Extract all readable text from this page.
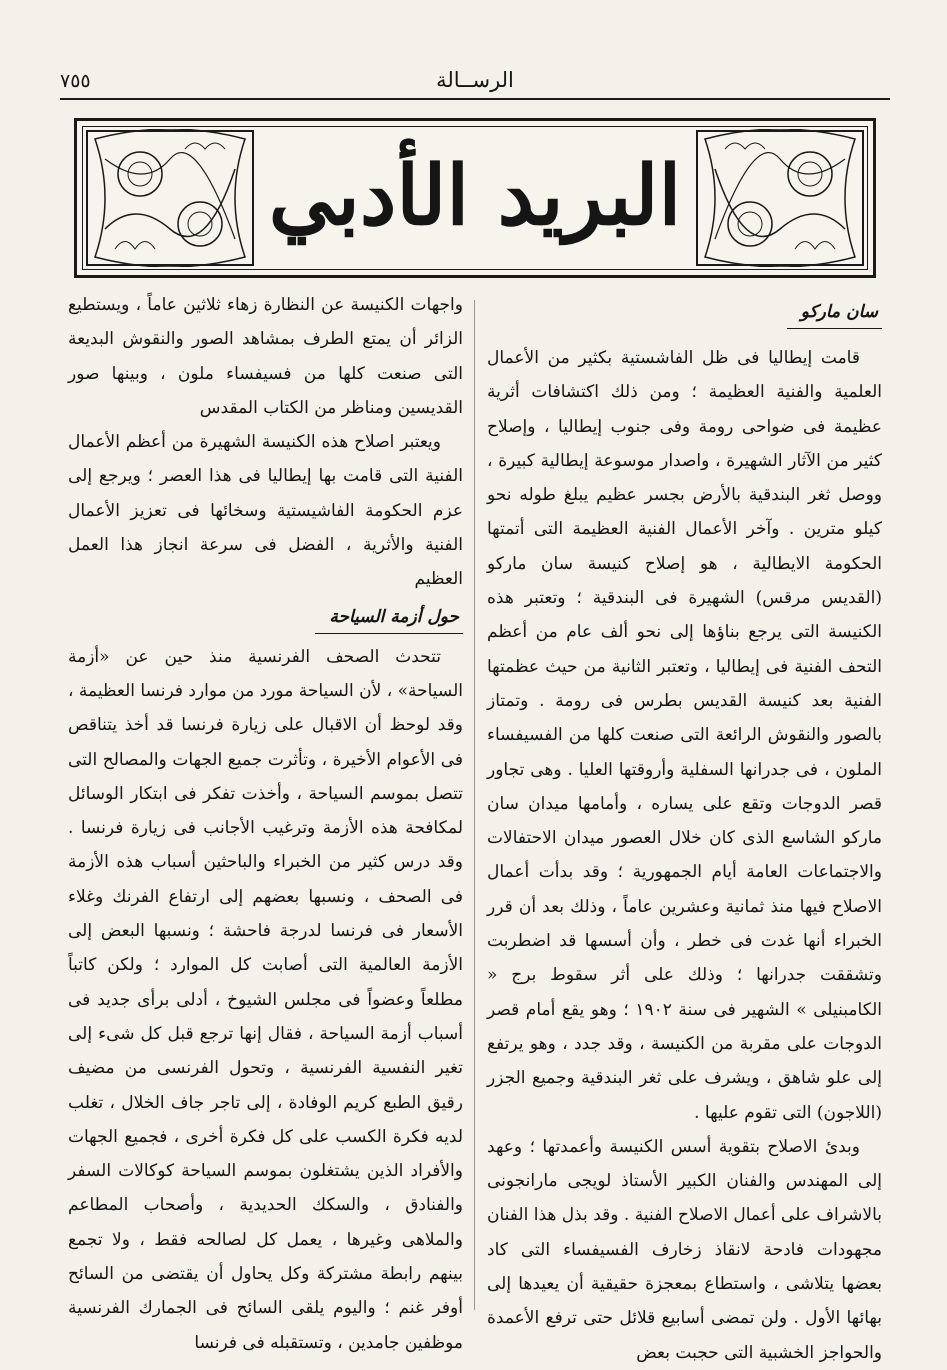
٧٥٥	الرســالة
البريد الأدبي
سان ماركو

قامت إيطاليا فى ظل الفاشستية بكثير من الأعمال العلمية والفنية العظيمة ؛ ومن ذلك اكتشافات أثرية عظيمة فى ضواحى رومة وفى جنوب إيطاليا ، وإصلاح كثير من الآثار الشهيرة ، واصدار موسوعة إيطالية كبيرة ، ووصل ثغر البندقية بالأرض بجسر عظيم يبلغ طوله نحو كيلو مترين . وآخر الأعمال الفنية العظيمة التى أتمتها الحكومة الايطالية ، هو إصلاح كنيسة سان ماركو (القديس مرقس) الشهيرة فى البندقية ؛ وتعتبر هذه الكنيسة التى يرجع بناؤها إلى نحو ألف عام من أعظم التحف الفنية فى إيطاليا ، وتعتبر الثانية من حيث عظمتها الفنية بعد كنيسة القديس بطرس فى رومة . وتمتاز بالصور والنقوش الرائعة التى صنعت كلها من الفسيفساء الملون ، فى جدرانها السفلية وأروقتها العليا . وهى تجاور قصر الدوجات وتقع على يساره ، وأمامها ميدان سان ماركو الشاسع الذى كان خلال العصور ميدان الاحتفالات والاجتماعات العامة أيام الجمهورية ؛ وقد بدأت أعمال الاصلاح فيها منذ ثمانية وعشرين عاماً ، وذلك بعد أن قرر الخبراء أنها غدت فى خطر ، وأن أسسها قد اضطربت وتشققت جدرانها ؛ وذلك على أثر سقوط برج « الكامبنيلى » الشهير فى سنة ١٩٠٢ ؛ وهو يقع أمام قصر الدوجات على مقربة من الكنيسة ، وقد جدد ، وهو يرتفع إلى علو شاهق ، ويشرف على ثغر البندقية وجميع الجزر (اللاجون) التى تقوم عليها .

وبدئ الاصلاح بتقوية أسس الكنيسة وأعمدتها ؛ وعهد إلى المهندس والفنان الكبير الأستاذ لويجى مارانجونى بالاشراف على أعمال الاصلاح الفنية . وقد بذل هذا الفنان مجهودات فادحة لانقاذ زخارف الفسيفساء التى كاد بعضها يتلاشى ، واستطاع بمعجزة حقيقية أن يعيدها إلى بهائها الأول . ولن تمضى أسابيع قلائل حتى ترفع الأعمدة والحواجز الخشبية التى حجبت بعض

واجهات الكنيسة عن النظارة زهاء ثلاثين عاماً ، ويستطيع الزائر أن يمتع الطرف بمشاهد الصور والنقوش البديعة التى صنعت كلها من فسيفساء ملون ، وبينها صور القديسين ومناظر من الكتاب المقدس

ويعتبر اصلاح هذه الكنيسة الشهيرة من أعظم الأعمال الفنية التى قامت بها إيطاليا فى هذا العصر ؛ ويرجع إلى عزم الحكومة الفاشيستية وسخائها فى تعزيز الأعمال الفنية والأثرية ، الفضل فى سرعة انجاز هذا العمل العظيم

حول أزمة السياحة

تتحدث الصحف الفرنسية منذ حين عن «أزمة السياحة» ، لأن السياحة مورد من موارد فرنسا العظيمة ، وقد لوحظ أن الاقبال على زيارة فرنسا قد أخذ يتناقص فى الأعوام الأخيرة ، وتأثرت جميع الجهات والمصالح التى تتصل بموسم السياحة ، وأخذت تفكر فى ابتكار الوسائل لمكافحة هذه الأزمة وترغيب الأجانب فى زيارة فرنسا . وقد درس كثير من الخبراء والباحثين أسباب هذه الأزمة فى الصحف ، ونسبها بعضهم إلى ارتفاع الفرنك وغلاء الأسعار فى فرنسا لدرجة فاحشة ؛ ونسبها البعض إلى الأزمة العالمية التى أصابت كل الموارد ؛ ولكن كاتباً مطلعاً وعضواً فى مجلس الشيوخ ، أدلى برأى جديد فى أسباب أزمة السياحة ، فقال إنها ترجع قبل كل شىء إلى تغير النفسية الفرنسية ، وتحول الفرنسى من مضيف رقيق الطبع كريم الوفادة ، إلى تاجر جاف الخلال ، تغلب لديه فكرة الكسب على كل فكرة أخرى ، فجميع الجهات والأفراد الذين يشتغلون بموسم السياحة كوكالات السفر والفنادق ، والسكك الحديدية ، وأصحاب المطاعم والملاهى وغيرها ، يعمل كل لصالحه فقط ، ولا تجمع بينهم رابطة مشتركة وكل يحاول أن يقتضى من السائح أوفر غنم ؛ واليوم يلقى السائح فى الجمارك الفرنسية موظفين جامدين ، وتستقبله فى فرنسا
